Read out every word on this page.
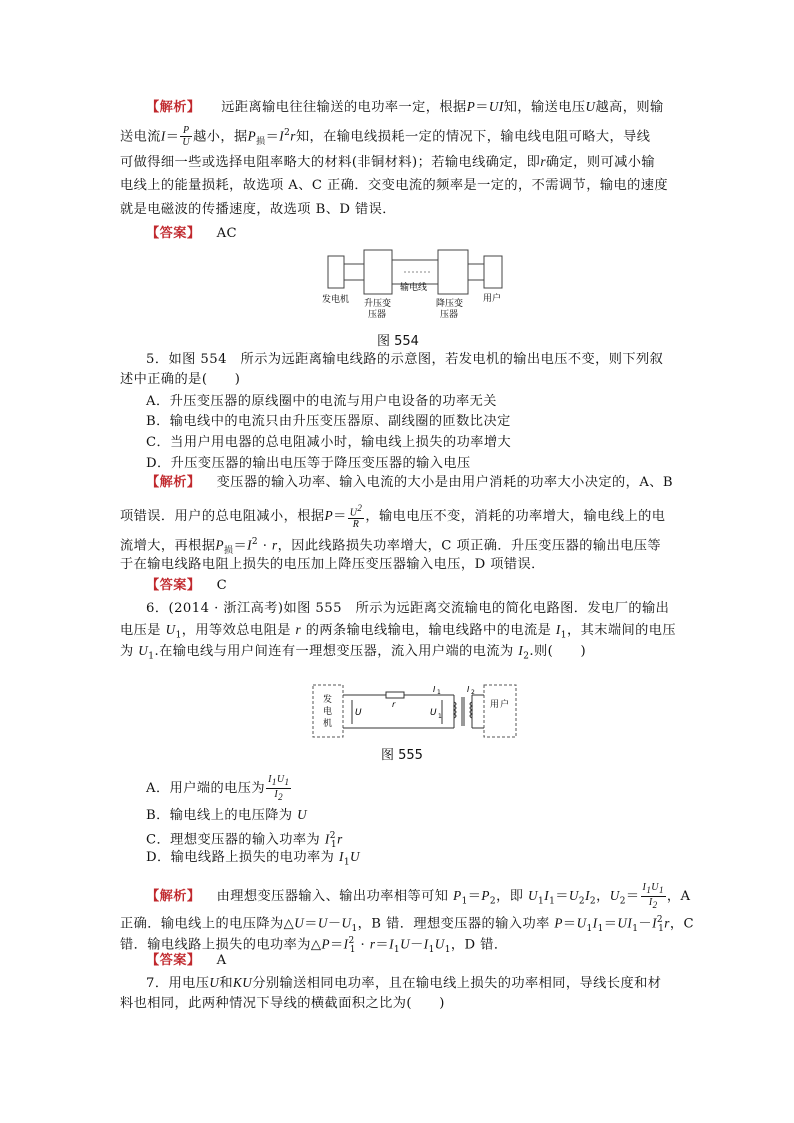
【解析】 远距离输电往往输送的电功率一定，根据P＝UI知，输送电压U越高，则输
送电流$I= \frac{P}{U}$ 越小，据$P_损=I^2r$知，在输电线损耗一定的情况下，输电线电阻可略大，导线
可做得细一些或选择电阻率略大的材料(非铜材料)；若输电线确定，即r确定，则可减小输
电线上的能量损耗，故选项 A、C 正确．交变电流的频率是一定的，不需调节，输电的速度
就是电磁波的传播速度，故选项 B、D 错误．
【答案】 AC
发电机 升压变
压器
输电线
降压变
压器
用户
图 554
5．如图 554　所示为远距离输电线路的示意图，若发电机的输出电压不变，则下列叙
述中正确的是(　　)
A．升压变压器的原线圈中的电流与用户电设备的功率无关
B．输电线中的电流只由升压变压器原、副线圈的匝数比决定
C．当用户用电器的总电阻减小时，输电线上损失的功率增大
D．升压变压器的输出电压等于降压变压器的输入电压
【解析】 变压器的输入功率、输入电流的大小是由用户消耗的功率大小决定的，A、B
项错误．用户的总电阻减小，根据$P= \frac{U^2}{R}$ ，输电电压不变，消耗的功率增大，输电线上的电
流增大，再根据$P_损=I^2 \cdot r$，因此线路损失功率增大，C 项正确．升压变压器的输出电压等
于在输电线路电阻上损失的电压加上降压变压器输入电压，D 项错误．
【答案】 C
6．(2014 · 浙江高考)如图 555　所示为远距离交流输电的简化电路图．发电厂的输出
电压是 $U_1$，用等效总电阻是 r 的两条输电线输电，输电线路中的电流是 $I_1$，其末端间的电压
为 $U_1$.在输电线与用户间连有一理想变压器，流入用户端的电流为 $I_2$.则(　　)
发
电
机
用 户
U	U 1
r
I 1	I 2
图 555
A．用户端的电压为 $\frac{I_1U_1}{I_2}$
B．输电线上的电压降为 U
C．理想变压器的输入功率为 $I^2_1r$
D．输电线路上损失的电功率为 $I_1U$
【解析】 由理想变压器输入、输出功率相等可知 $P_1=P_2$，即 $U_1I_1=U_2I_2$，$U_2= \frac{I_1U_1}{I_2}$ ，A
正确．输电线上的电压降为$\triangle U=U-U_1$，B 错．理想变压器的输入功率 $P=U_1I_1=UI_1-I^2_1r$，C
错．输电线路上损失的电功率为$\triangle P=I^2_1 \cdot r=I_1U-I_1U_1$，D 错．
【答案】 A
7．用电压U和KU分别输送相同电功率，且在输电线上损失的功率相同，导线长度和材
料也相同，此两种情况下导线的横截面积之比为(　　)
